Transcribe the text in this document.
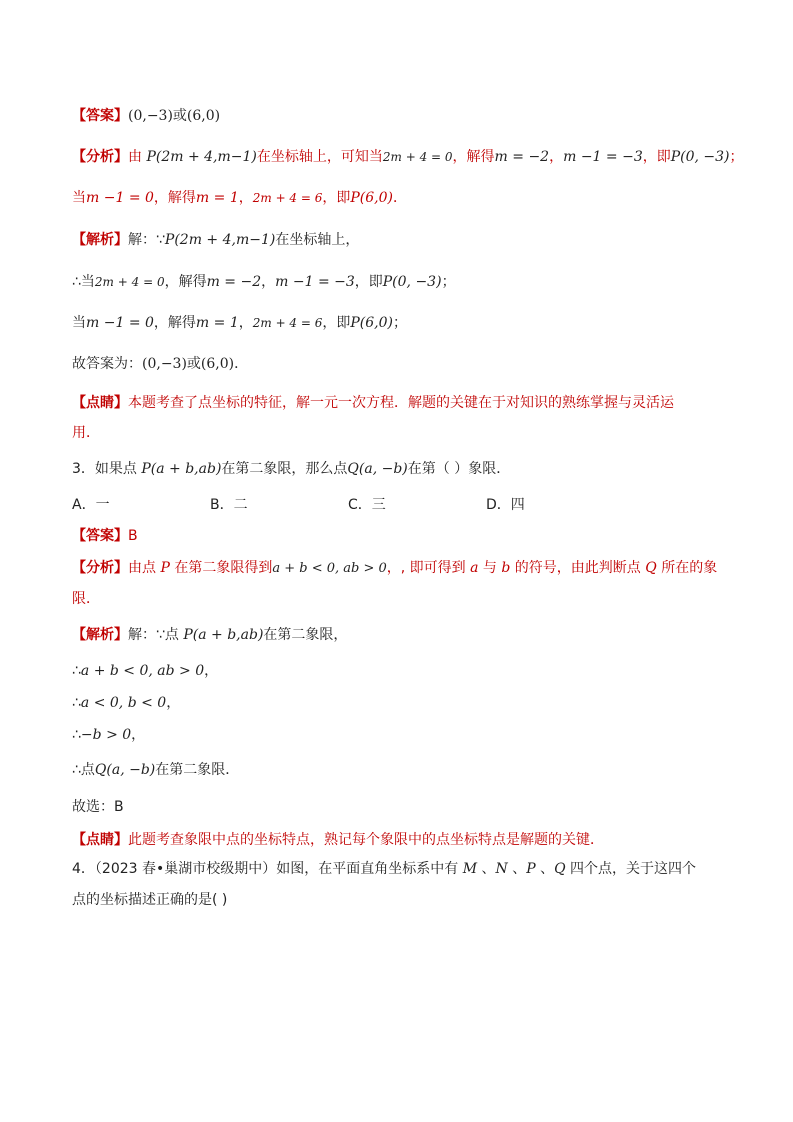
【答案】(0,−3)或(6,0)
【分析】由 P(2m + 4,m−1)在坐标轴上，可知当2m + 4 = 0，解得m = −2，m −1 = −3，即P(0, −3)；
当m −1 = 0，解得m = 1，2m + 4 = 6，即P(6,0)．
【解析】解：∵P(2m + 4,m−1)在坐标轴上，
∴当2m + 4 = 0，解得m = −2，m −1 = −3，即P(0, −3)；
当m −1 = 0，解得m = 1，2m + 4 = 6，即P(6,0)；
故答案为：(0,−3)或(6,0)．
【点睛】本题考查了点坐标的特征，解一元一次方程．解题的关键在于对知识的熟练掌握与灵活运
用．
3．如果点 P(a + b,ab)在第二象限，那么点Q(a, −b)在第（ ）象限．
A．一	B．二	C．三	D．四
【答案】B
【分析】由点 P 在第二象限得到a + b < 0, ab > 0，, 即可得到 a 与 b 的符号，由此判断点 Q 所在的象
限．
【解析】解：∵点 P(a + b,ab)在第二象限，
∴a + b < 0, ab > 0，
∴a < 0, b < 0，
∴−b > 0，
∴点Q(a, −b)在第二象限．
故选：B
【点睛】此题考查象限中点的坐标特点，熟记每个象限中的点坐标特点是解题的关键．
4．（2023 春•巢湖市校级期中）如图，在平面直角坐标系中有 M 、N 、P 、Q 四个点，关于这四个
点的坐标描述正确的是( )
